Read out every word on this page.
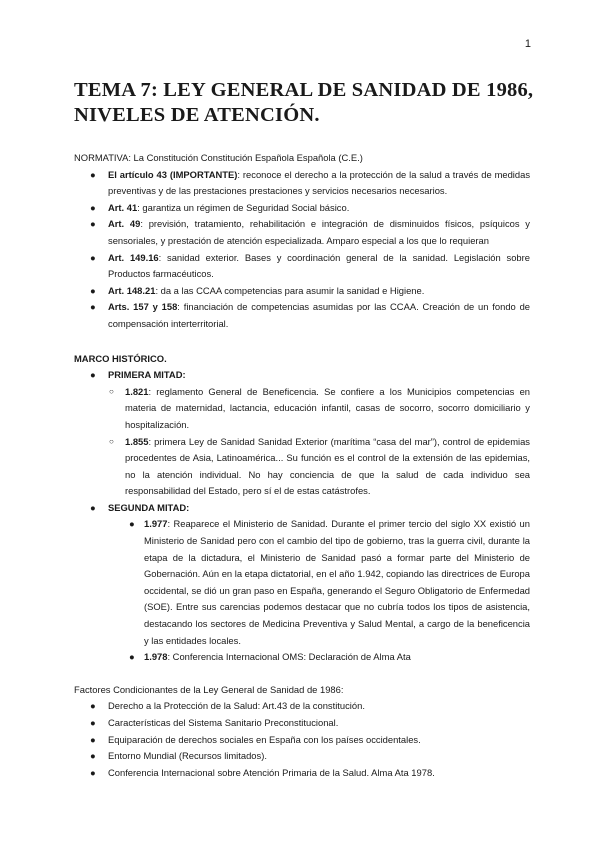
1
TEMA 7: LEY GENERAL DE SANIDAD DE 1986,
NIVELES DE ATENCIÓN.

NORMATIVA: La Constitución Constitución Española Española (C.E.)

● El artículo 43 (IMPORTANTE): reconoce el derecho a la protección de la salud a través de medidas preventivas y de las prestaciones prestaciones y servicios necesarios necesarios.
● Art. 41: garantiza un régimen de Seguridad Social básico.
● Art. 49: previsión, tratamiento, rehabilitación e integración de disminuidos físicos, psíquicos y sensoriales, y prestación de atención especializada. Amparo especial a los que lo requieran
● Art. 149.16: sanidad exterior. Bases y coordinación general de la sanidad. Legislación sobre Productos farmacéuticos.
● Art. 148.21: da a las CCAA competencias para asumir la sanidad e Higiene.
● Arts. 157 y 158: financiación de competencias asumidas por las CCAA. Creación de un fondo de compensación interterritorial.

MARCO HISTÓRICO.

● PRIMERA MITAD:
○ 1.821: reglamento General de Beneficencia. Se confiere a los Municipios competencias en materia de maternidad, lactancia, educación infantil, casas de socorro, socorro domiciliario y hospitalización.
○ 1.855: primera Ley de Sanidad Sanidad Exterior (marítima “casa del mar”), control de epidemias procedentes de Asia, Latinoamérica... Su función es el control de la extensión de las epidemias, no la atención individual. No hay conciencia de que la salud de cada individuo sea responsabilidad del Estado, pero sí el de estas catástrofes.
● SEGUNDA MITAD:
● 1.977: Reaparece el Ministerio de Sanidad. Durante el primer tercio del siglo XX existió un Ministerio de Sanidad pero con el cambio del tipo de gobierno, tras la guerra civil, durante la etapa de la dictadura, el Ministerio de Sanidad pasó a formar parte del Ministerio de Gobernación. Aún en la etapa dictatorial, en el año 1.942, copiando las directrices de Europa occidental, se dió un gran paso en España, generando el Seguro Obligatorio de Enfermedad (SOE). Entre sus carencias podemos destacar que no cubría todos los tipos de asistencia, destacando los sectores de Medicina Preventiva y Salud Mental, a cargo de la beneficencia y las entidades locales.
● 1.978: Conferencia Internacional OMS: Declaración de Alma Ata

Factores Condicionantes de la Ley General de Sanidad de 1986:

● Derecho a la Protección de la Salud: Art.43 de la constitución.
● Características del Sistema Sanitario Preconstitucional.
● Equiparación de derechos sociales en España con los países occidentales.
● Entorno Mundial (Recursos limitados).
● Conferencia Internacional sobre Atención Primaria de la Salud. Alma Ata 1978.
